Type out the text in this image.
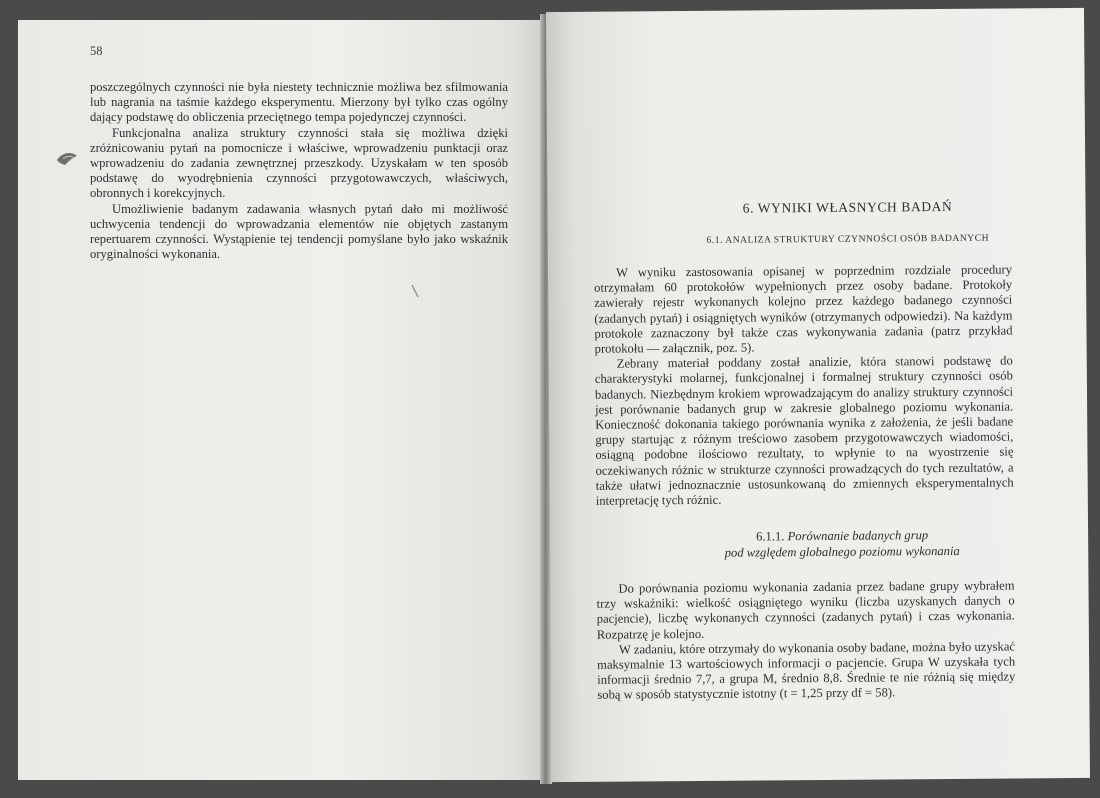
58

poszczególnych czynności nie była niestety technicznie możliwa bez sfilmowania lub nagrania na taśmie każdego eksperymentu. Mierzony był tylko czas ogólny dający podstawę do obliczenia przeciętnego tempa pojedynczej czynności.

Funkcjonalna analiza struktury czynności stała się możliwa dzięki zróżnicowaniu pytań na pomocnicze i właściwe, wprowadzeniu punktacji oraz wprowadzeniu do zadania zewnętrznej przeszkody. Uzyskałam w ten sposób podstawę do wyodrębnienia czynności przygotowawczych, właściwych, obronnych i korekcyjnych.

Umożliwienie badanym zadawania własnych pytań dało mi możliwość uchwycenia tendencji do wprowadzania elementów nie objętych zastanym repertuarem czynności. Wystąpienie tej tendencji pomyślane było jako wskaźnik oryginalności wykonania.

6. WYNIKI WŁASNYCH BADAŃ
6.1. ANALIZA STRUKTURY CZYNNOŚCI OSÓB BADANYCH

W wyniku zastosowania opisanej w poprzednim rozdziale procedury otrzymałam 60 protokołów wypełnionych przez osoby badane. Protokoły zawierały rejestr wykonanych kolejno przez każdego badanego czynności (zadanych pytań) i osiągniętych wyników (otrzymanych odpowiedzi). Na każdym protokole zaznaczony był także czas wykonywania zadania (patrz przykład protokołu — załącznik, poz. 5).

Zebrany materiał poddany został analizie, która stanowi podstawę do charakterystyki molarnej, funkcjonalnej i formalnej struktury czynności osób badanych. Niezbędnym krokiem wprowadzającym do analizy struktury czynności jest porównanie badanych grup w zakresie globalnego poziomu wykonania. Konieczność dokonania takiego porównania wynika z założenia, że jeśli badane grupy startując z różnym treściowo zasobem przygotowawczych wiadomości, osiągną podobne ilościowo rezultaty, to wpłynie to na wyostrzenie się oczekiwanych różnic w strukturze czynności prowadzących do tych rezultatów, a także ułatwi jednoznacznie ustosunkowaną do zmiennych eksperymentalnych interpretację tych różnic.

6.1.1. Porównanie badanych grup
pod względem globalnego poziomu wykonania

Do porównania poziomu wykonania zadania przez badane grupy wybrałem trzy wskaźniki: wielkość osiągniętego wyniku (liczba uzyskanych danych o pacjencie), liczbę wykonanych czynności (zadanych pytań) i czas wykonania. Rozpatrzę je kolejno.

W zadaniu, które otrzymały do wykonania osoby badane, można było uzyskać maksymalnie 13 wartościowych informacji o pacjencie. Grupa W uzyskała tych informacji średnio 7,7, a grupa M, średnio 8,8. Średnie te nie różnią się między sobą w sposób statystycznie istotny (t = 1,25 przy df = 58).
